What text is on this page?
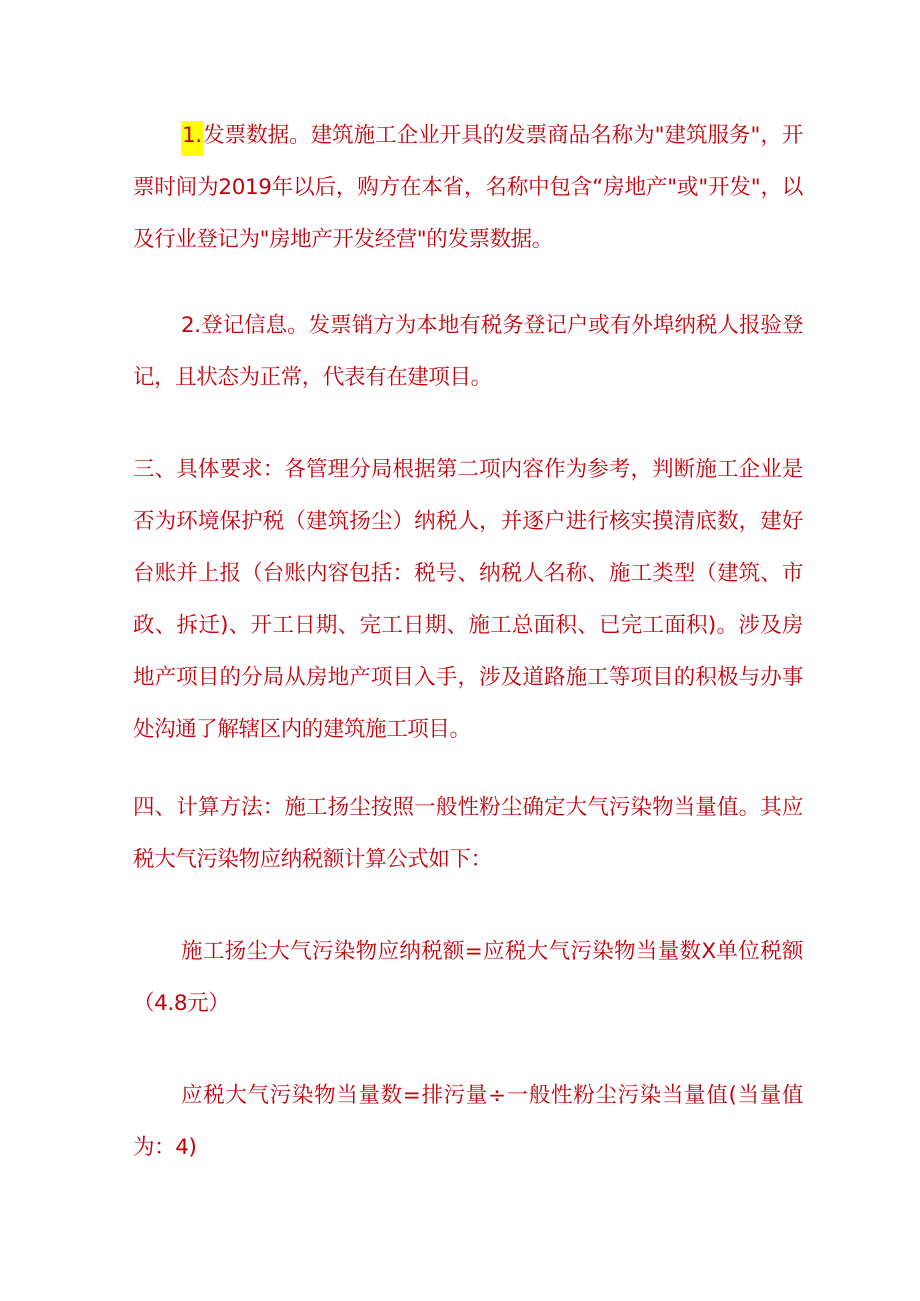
1.发票数据。建筑施工企业开具的发票商品名称为"建筑服务"，开票时间为2019年以后，购方在本省，名称中包含“房地产"或"开发"，以及行业登记为"房地产开发经营"的发票数据。

2.登记信息。发票销方为本地有税务登记户或有外埠纳税人报验登记，且状态为正常，代表有在建项目。

三、具体要求：各管理分局根据第二项内容作为参考，判断施工企业是否为环境保护税（建筑扬尘）纳税人，并逐户进行核实摸清底数，建好台账并上报（台账内容包括：税号、纳税人名称、施工类型（建筑、市政、拆迁)、开工日期、完工日期、施工总面积、已完工面积)。涉及房地产项目的分局从房地产项目入手，涉及道路施工等项目的积极与办事处沟通了解辖区内的建筑施工项目。

四、计算方法：施工扬尘按照一般性粉尘确定大气污染物当量值。其应税大气污染物应纳税额计算公式如下：

施工扬尘大气污染物应纳税额=应税大气污染物当量数X单位税额（4.8元）

应税大气污染物当量数=排污量÷一般性粉尘污染当量值(当量值为：4)
